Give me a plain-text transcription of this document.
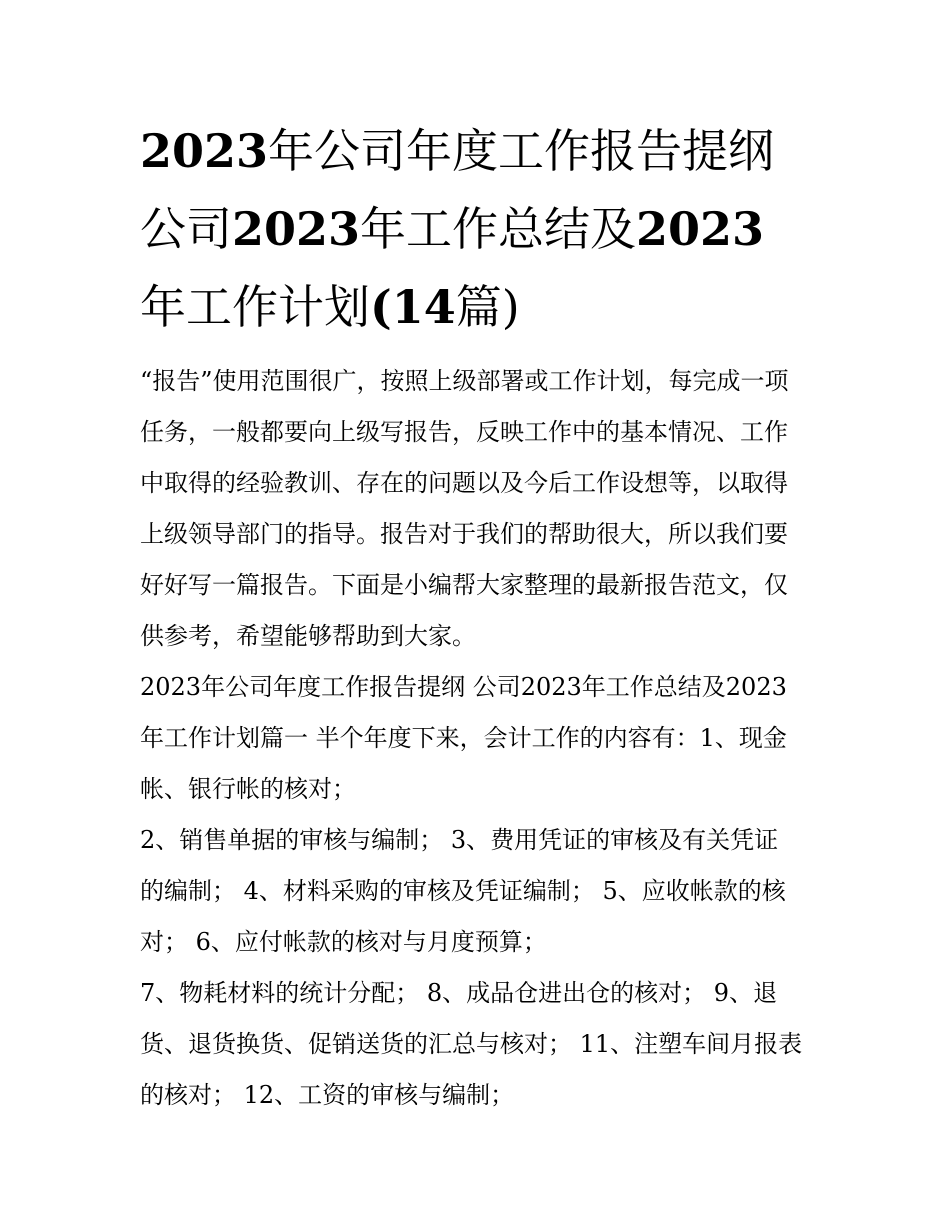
2023年公司年度工作报告提纲
公司2023年工作总结及2023
年工作计划(14篇)

“报告”使用范围很广，按照上级部署或工作计划，每完成一项
任务，一般都要向上级写报告，反映工作中的基本情况、工作
中取得的经验教训、存在的问题以及今后工作设想等，以取得
上级领导部门的指导。报告对于我们的帮助很大，所以我们要
好好写一篇报告。下面是小编帮大家整理的最新报告范文，仅
供参考，希望能够帮助到大家。

2023年公司年度工作报告提纲 公司2023年工作总结及2023
年工作计划篇一 半个年度下来，会计工作的内容有：1、现金
帐、银行帐的核对；

2、销售单据的审核与编制； 3、费用凭证的审核及有关凭证
的编制； 4、材料采购的审核及凭证编制； 5、应收帐款的核
对； 6、应付帐款的核对与月度预算；

7、物耗材料的统计分配； 8、成品仓进出仓的核对； 9、退
货、退货换货、促销送货的汇总与核对； 11、注塑车间月报表
的核对； 12、工资的审核与编制；
